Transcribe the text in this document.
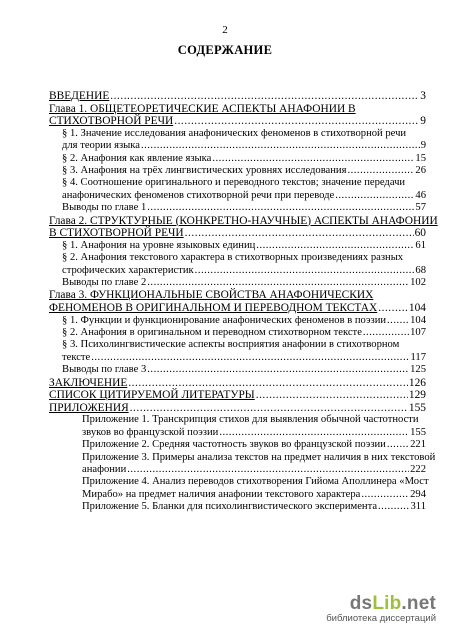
2
СОДЕРЖАНИЕ
ВВЕДЕНИЕ .....	3
Глава 1. ОБЩЕТЕОРЕТИЧЕСКИЕ АСПЕКТЫ АНАФОНИИ В
СТИХОТВОРНОЙ РЕЧИ .....	9
§ 1. Значение исследования анафонических феноменов в стихотворной речи
для теории языка .....	9
§ 2. Анафония как явление языка .....	15
§ 3. Анафония на трёх лингвистических уровнях исследования .....	26
§ 4. Соотношение оригинального и переводного текстов; значение передачи
анафонических феноменов стихотворной речи при переводе .....	46
Выводы по главе 1 .....	57
Глава 2. СТРУКТУРНЫЕ (КОНКРЕТНО-НАУЧНЫЕ) АСПЕКТЫ АНАФОНИИ
В СТИХОТВОРНОЙ РЕЧИ .....	60
§ 1. Анафония на уровне языковых единиц .....	61
§ 2. Анафония текстового характера в стихотворных произведениях разных
строфических характеристик .....	68
Выводы по главе 2 .....	102
Глава 3. ФУНКЦИОНАЛЬНЫЕ СВОЙСТВА АНАФОНИЧЕСКИХ
ФЕНОМЕНОВ В ОРИГИНАЛЬНОМ И ПЕРЕВОДНОМ ТЕКСТАХ .....	104
§ 1. Функции и функционирование анафонических феноменов в поэзии ..... 104
§ 2. Анафония в оригинальном и переводном стихотворном тексте .....	107
§ 3. Психолингвистические аспекты восприятия анафонии в стихотворном
тексте .....	117
Выводы по главе 3 .....	125
ЗАКЛЮЧЕНИЕ .....	126
СПИСОК ЦИТИРУЕМОЙ ЛИТЕРАТУРЫ .....	129
ПРИЛОЖЕНИЯ .....	155
Приложение 1. Транскрипция стихов для выявления обычной частотности
звуков во французской поэзии .....	155
Приложение 2. Средняя частотность звуков во французской поэзии ..... 221
Приложение 3. Примеры анализа текстов на предмет наличия в них текстовой
анафонии .....	222
Приложение 4. Анализ переводов стихотворения Гийома Аполлинера «Мост
Мирабо» на предмет наличия анафонии текстового характера .....	294
Приложение 5. Бланки для психолингвистического эксперимента .....	311
dsLib.net
библиотека диссертаций
